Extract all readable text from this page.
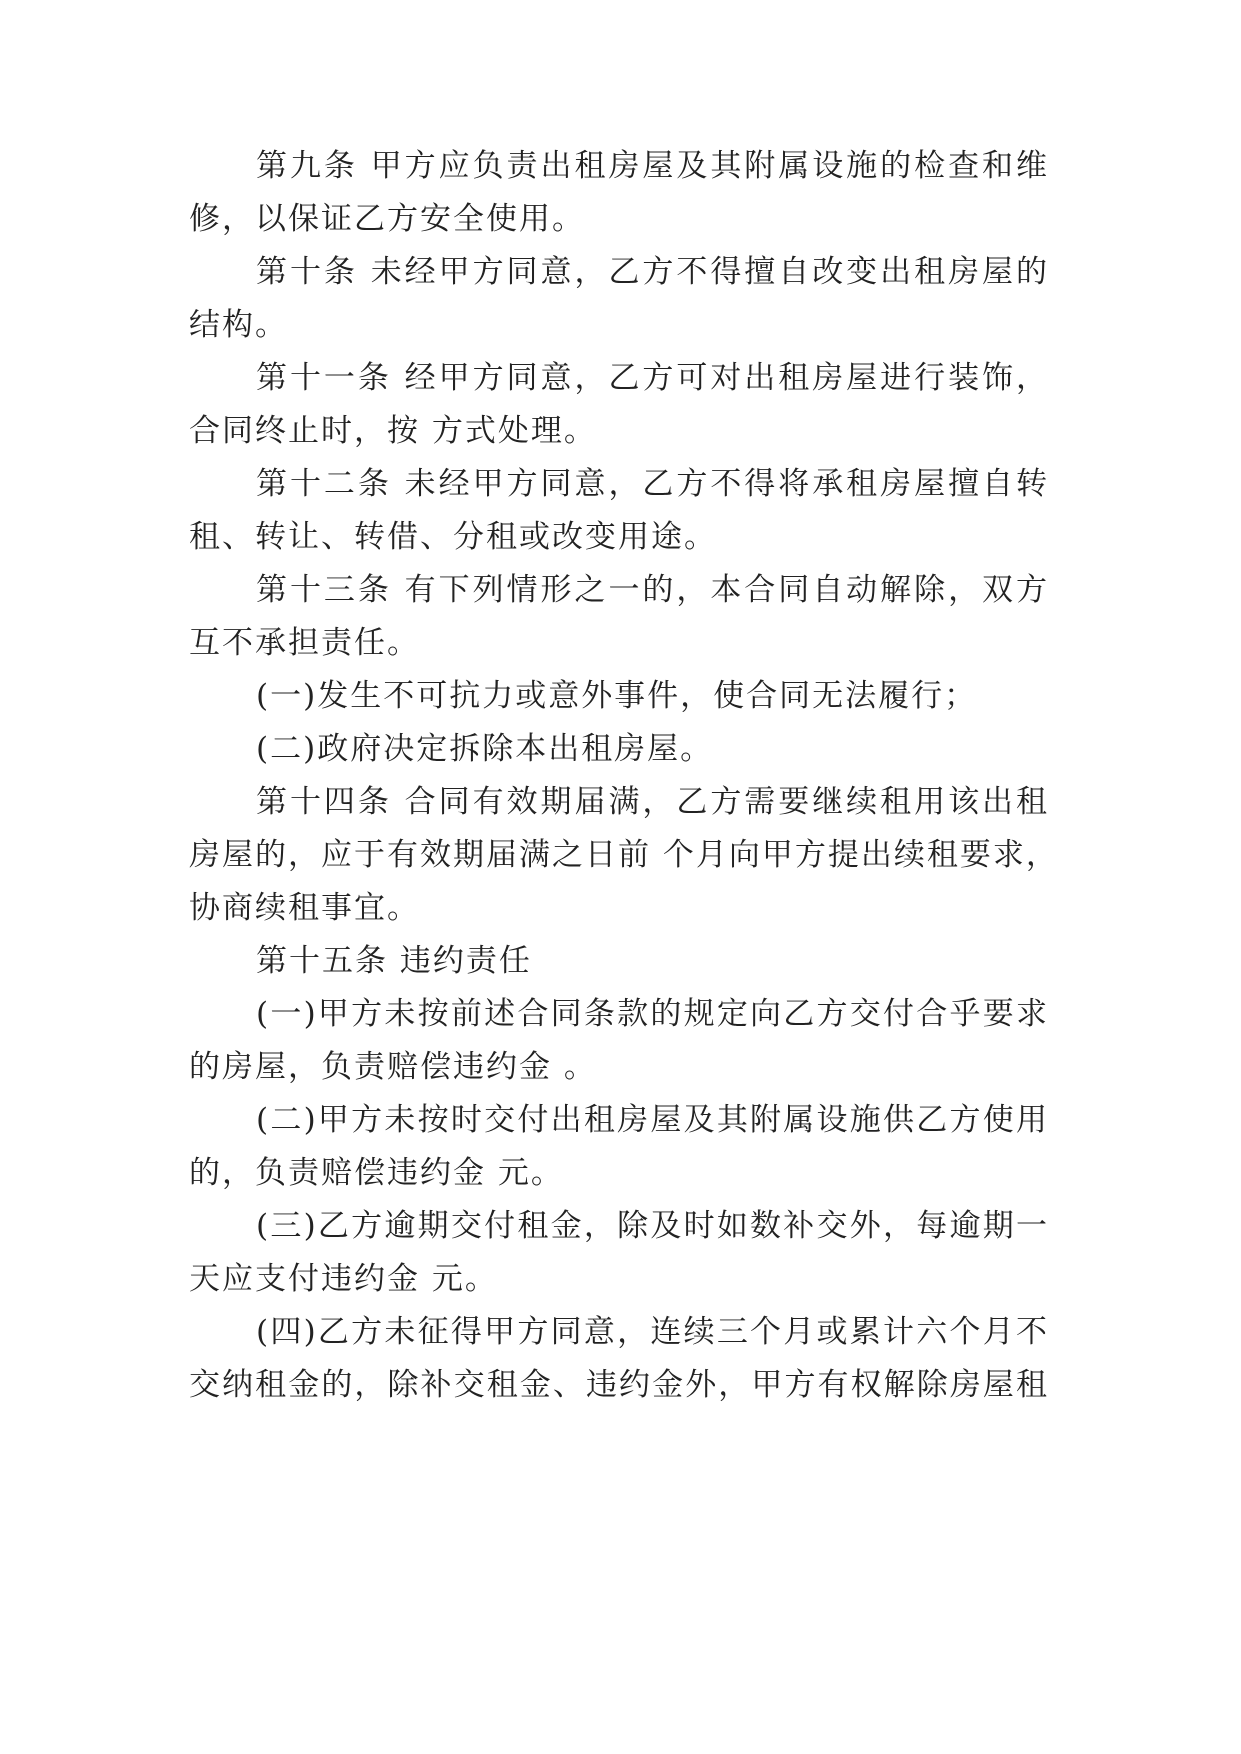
第九条 甲方应负责出租房屋及其附属设施的检查和维
修，以保证乙方安全使用。
第十条 未经甲方同意，乙方不得擅自改变出租房屋的
结构。
第十一条 经甲方同意，乙方可对出租房屋进行装饰，
合同终止时，按 方式处理。
第十二条 未经甲方同意，乙方不得将承租房屋擅自转
租、转让、转借、分租或改变用途。
第十三条 有下列情形之一的，本合同自动解除，双方
互不承担责任。
(一)发生不可抗力或意外事件，使合同无法履行；
(二)政府决定拆除本出租房屋。
第十四条 合同有效期届满，乙方需要继续租用该出租
房屋的，应于有效期届满之日前 个月向甲方提出续租要求，
协商续租事宜。
第十五条 违约责任
(一)甲方未按前述合同条款的规定向乙方交付合乎要求
的房屋，负责赔偿违约金 。
(二)甲方未按时交付出租房屋及其附属设施供乙方使用
的，负责赔偿违约金 元。
(三)乙方逾期交付租金，除及时如数补交外，每逾期一
天应支付违约金 元。
(四)乙方未征得甲方同意，连续三个月或累计六个月不
交纳租金的，除补交租金、违约金外，甲方有权解除房屋租
